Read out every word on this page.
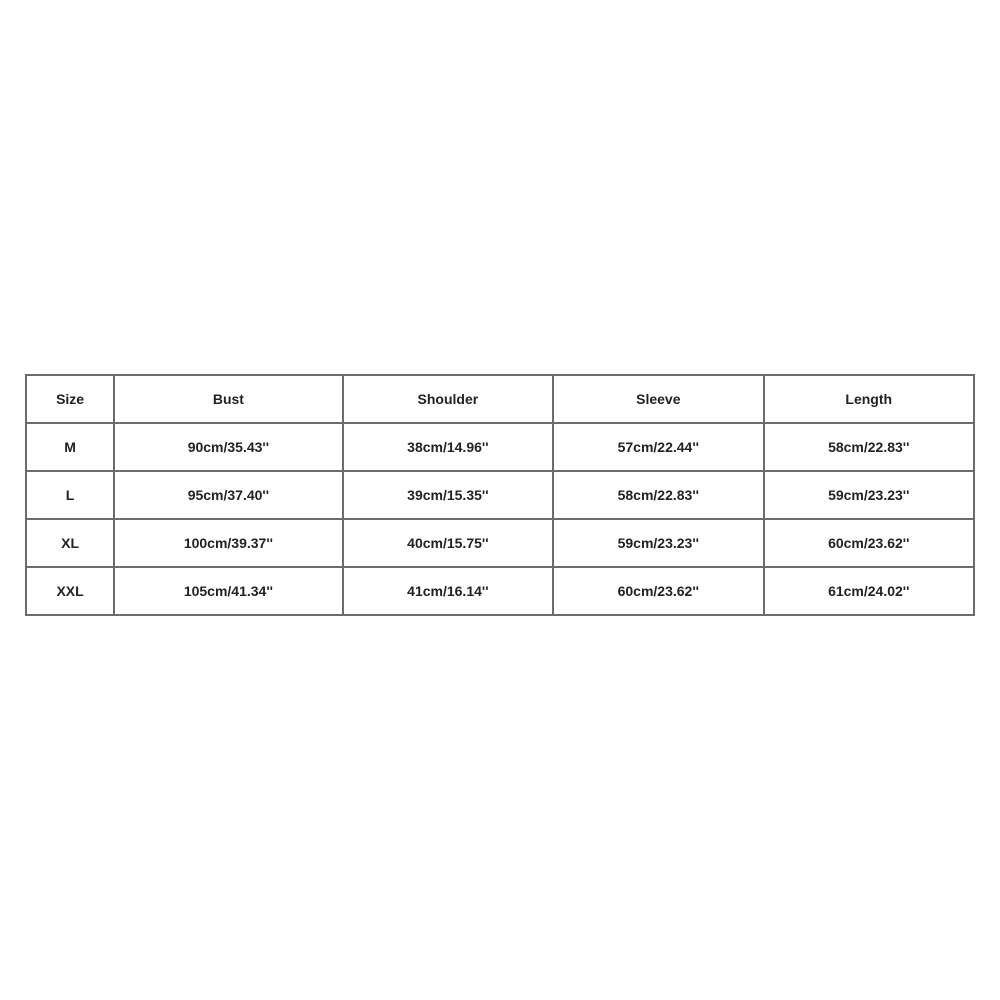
Size	Bust	Shoulder	Sleeve	Length
M	90cm/35.43''	38cm/14.96''	57cm/22.44''	58cm/22.83''
L	95cm/37.40''	39cm/15.35''	58cm/22.83''	59cm/23.23''
XL	100cm/39.37''	40cm/15.75''	59cm/23.23''	60cm/23.62''
XXL	105cm/41.34''	41cm/16.14''	60cm/23.62''	61cm/24.02''
